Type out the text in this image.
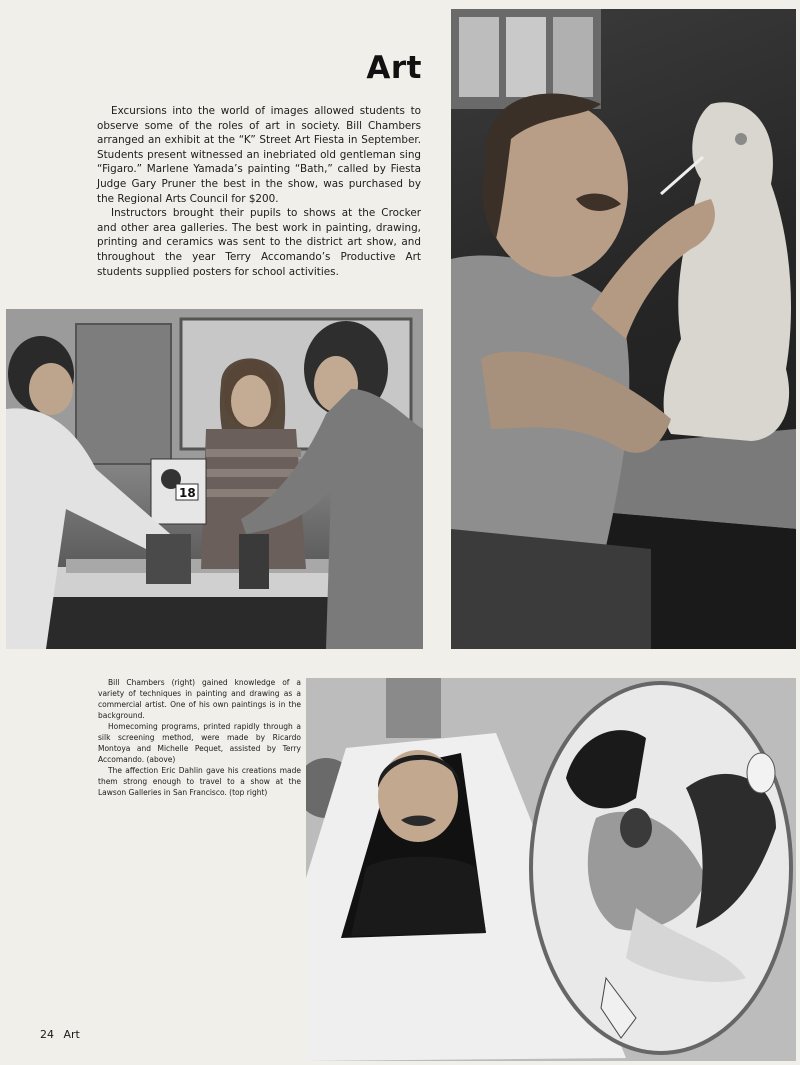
Art

Excursions into the world of images allowed students to observe some of the roles of art in society. Bill Chambers arranged an exhibit at the “K” Street Art Fiesta in September. Students present witnessed an inebriated old gentleman sing “Figaro.” Marlene Yamada’s painting “Bath,” called by Fiesta Judge Gary Pruner the best in the show, was purchased by the Regional Arts Council for $200.

Instructors brought their pupils to shows at the Crocker and other area galleries. The best work in painting, drawing, printing and ceramics was sent to the district art show, and throughout the year Terry Accomando’s Productive Art students supplied posters for school activities.

18

Bill Chambers (right) gained knowledge of a variety of techniques in painting and drawing as a commercial artist. One of his own paintings is in the background.

Homecoming programs, printed rapidly through a silk screening method, were made by Ricardo Montoya and Michelle Pequet, assisted by Terry Accomando. (above)

The affection Eric Dahlin gave his creations made them strong enough to travel to a show at the Lawson Galleries in San Francisco. (top right)

24 Art
